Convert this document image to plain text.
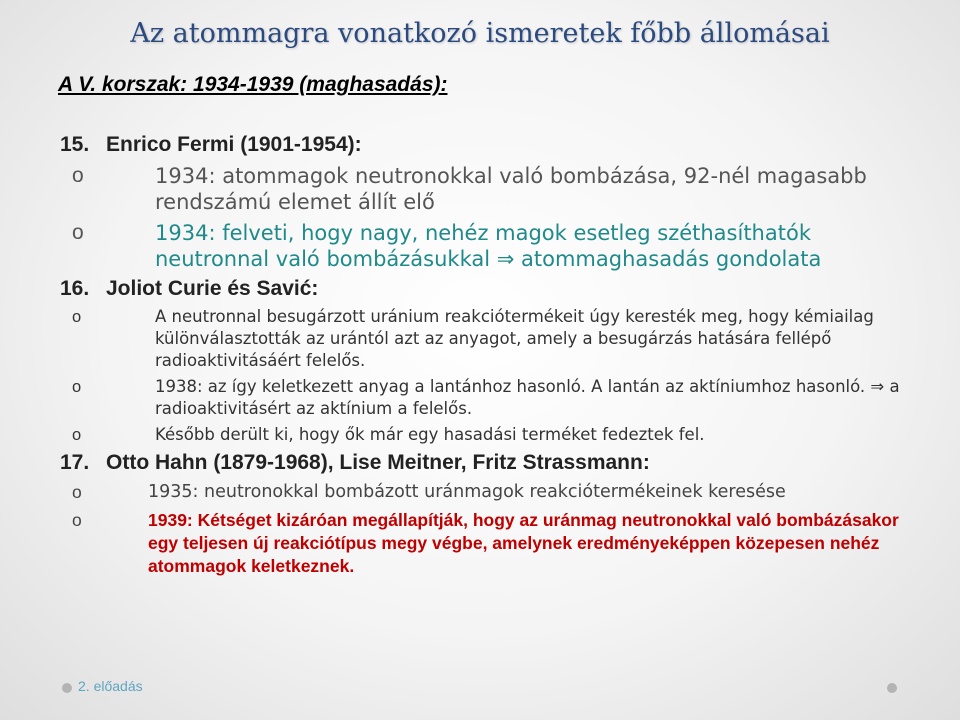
Az atommagra vonatkozó ismeretek főbb állomásai
A V. korszak: 1934-1939 (maghasadás):
15. Enrico Fermi (1901-1954):
o	1934: atommagok neutronokkal való bombázása, 92-nél magasabb rendszámú elemet állít elő
o	1934: felveti, hogy nagy, nehéz magok esetleg széthasíthatók neutronnal való bombázásukkal ⇒ atommaghasadás gondolata
16. Joliot Curie és Savić:
o	A neutronnal besugárzott uránium reakciótermékeit úgy keresték meg, hogy kémiailag különválasztották az urántól azt az anyagot, amely a besugárzás hatására fellépő radioaktivitásáért felelős.
o	1938: az így keletkezett anyag a lantánhoz hasonló. A lantán az aktíniumhoz hasonló. ⇒ a radioaktivitásért az aktínium a felelős.
o	Később derült ki, hogy ők már egy hasadási terméket fedeztek fel.
17. Otto Hahn (1879-1968), Lise Meitner, Fritz Strassmann:
o	1935: neutronokkal bombázott uránmagok reakciótermékeinek keresése
o	1939: Kétséget kizáróan megállapítják, hogy az uránmag neutronokkal való bombázásakor egy teljesen új reakciótípus megy végbe, amelynek eredményeképpen közepesen nehéz atommagok keletkeznek.
2. előadás
